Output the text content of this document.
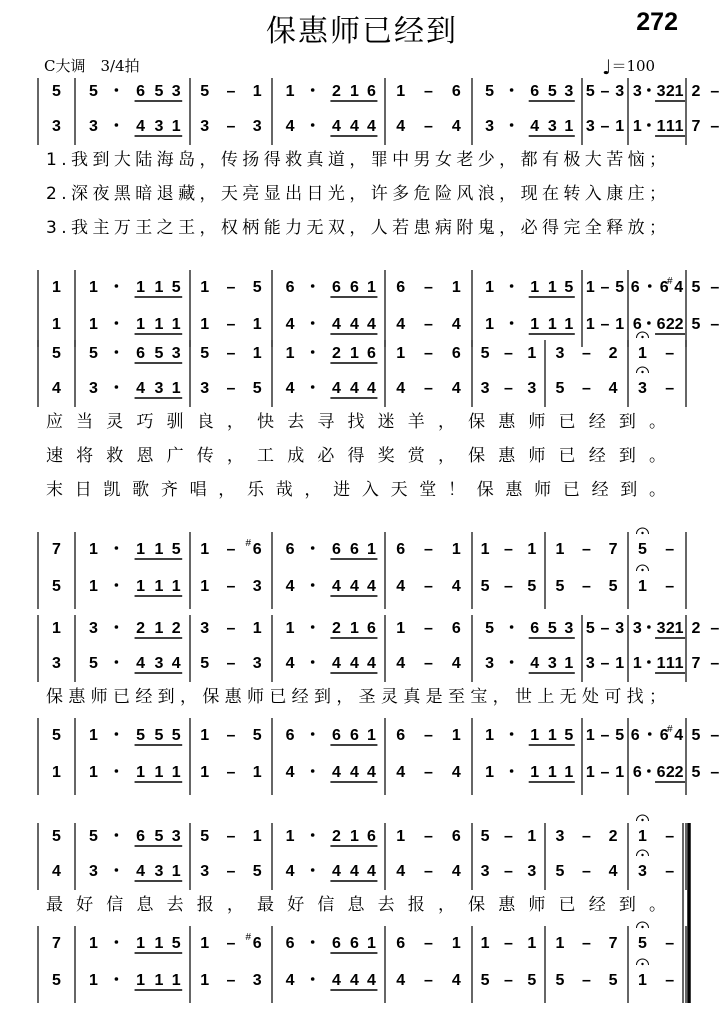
保惠师已经到	272
C大调　3/4拍	♩＝100
1.我到大陆海岛，传扬得救真道，罪中男女老少，都有极大苦恼；
2.深夜黑暗退藏，天亮显出日光，许多危险风浪，现在转入康庄；
3.我主万王之王，权柄能力无双，人若患病附鬼，必得完全释放；
5 5 6 5 3 5 – 1 1 2 1 6 1 – 6 5 6 5 3 5 – 3 3 3 2 1 2 –
3 3 4 3 1 3 – 3 4 4 4 4 4 – 4 3 4 3 1 3 – 1 1 1 1 1 7 –
1 1 1 1 5 1 – 5 6 6 6 1 6 – 1 1 1 1 5 1 – 5 6 6 4
# 5 –
1 1 1 1 1 1 – 1 4 4 4 4 4 – 4 1 1 1 1 1 – 1 6 6 2 2 5 –
应当灵巧驯良，快去寻找迷羊，保惠师已经到。
速将救恩广传，工成必得奖赏，保惠师已经到。
末日凯歌齐唱，乐哉，进入天堂！保惠师已经到。
5 5 6 5 3 5 – 1 1 2 1 6 1 – 6 5 – 1 3 – 2 1 –
4 3 4 3 1 3 – 5 4 4 4 4 4 – 4 3 – 3 5 – 4 3 –
7 1 1 1 5 1 – 6
# 6 6 6 1 6 – 1 1 – 1 1 – 7 5 –
5 1 1 1 1 1 – 3 4 4 4 4 4 – 4 5 – 5 5 – 5 1 –
保惠师已经到，保惠师已经到，圣灵真是至宝，世上无处可找；
1 3 2 1 2 3 – 1 1 2 1 6 1 – 6 5 6 5 3 5 – 3 3 3 2 1 2 –
3 5 4 3 4 5 – 3 4 4 4 4 4 – 4 3 4 3 1 3 – 1 1 1 1 1 7 –
5 1 5 5 5 1 – 5 6 6 6 1 6 – 1 1 1 1 5 1 – 5 6 6 4
# 5 –
1 1 1 1 1 1 – 1 4 4 4 4 4 – 4 1 1 1 1 1 – 1 6 6 2 2 5 –
最好信息去报，最好信息去报，保惠师已经到。
5 5 6 5 3 5 – 1 1 2 1 6 1 – 6 5 – 1 3 – 2 1 –
4 3 4 3 1 3 – 5 4 4 4 4 4 – 4 3 – 3 5 – 4 3 –
7 1 1 1 5 1 – 6
# 6 6 6 1 6 – 1 1 – 1 1 – 7 5 –
5 1 1 1 1 1 – 3 4 4 4 4 4 – 4 5 – 5 5 – 5 1 –
